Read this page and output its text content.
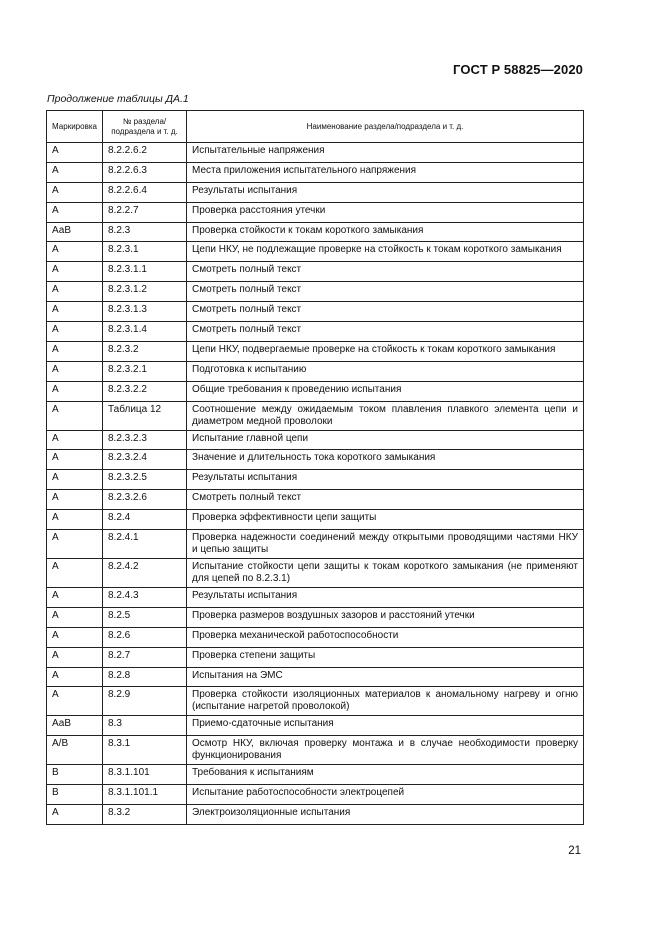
ГОСТ Р 58825—2020
Продолжение таблицы ДА.1
Маркировка	№ раздела/ подраздела и т. д.	Наименование раздела/подраздела и т. д.
А	8.2.2.6.2	Испытательные напряжения
А	8.2.2.6.3	Места приложения испытательного напряжения
А	8.2.2.6.4	Результаты испытания
А	8.2.2.7	Проверка расстояния утечки
АаВ	8.2.3	Проверка стойкости к токам короткого замыкания
А	8.2.3.1	Цепи НКУ, не подлежащие проверке на стойкость к токам короткого замыкания
А	8.2.3.1.1	Смотреть полный текст
А	8.2.3.1.2	Смотреть полный текст
А	8.2.3.1.3	Смотреть полный текст
А	8.2.3.1.4	Смотреть полный текст
А	8.2.3.2	Цепи НКУ, подвергаемые проверке на стойкость к токам короткого замыкания
А	8.2.3.2.1	Подготовка к испытанию
А	8.2.3.2.2	Общие требования к проведению испытания
А	Таблица 12	Соотношение между ожидаемым током плавления плавкого элемента цепи и диаметром медной проволоки
А	8.2.3.2.3	Испытание главной цепи
А	8.2.3.2.4	Значение и длительность тока короткого замыкания
А	8.2.3.2.5	Результаты испытания
А	8.2.3.2.6	Смотреть полный текст
А	8.2.4	Проверка эффективности цепи защиты
А	8.2.4.1	Проверка надежности соединений между открытыми проводящими частями НКУ и цепью защиты
А	8.2.4.2	Испытание стойкости цепи защиты к токам короткого замыкания (не применяют для цепей по 8.2.3.1)
А	8.2.4.3	Результаты испытания
А	8.2.5	Проверка размеров воздушных зазоров и расстояний утечки
А	8.2.6	Проверка механической работоспособности
А	8.2.7	Проверка степени защиты
А	8.2.8	Испытания на ЭМС
А	8.2.9	Проверка стойкости изоляционных материалов к аномальному нагреву и огню (испытание нагретой проволокой)
АаВ	8.3	Приемо-сдаточные испытания
А/В	8.3.1	Осмотр НКУ, включая проверку монтажа и в случае необходимости проверку функционирования
В	8.3.1.101	Требования к испытаниям
В	8.3.1.101.1	Испытание работоспособности электроцепей
А	8.3.2	Электроизоляционные испытания
21
